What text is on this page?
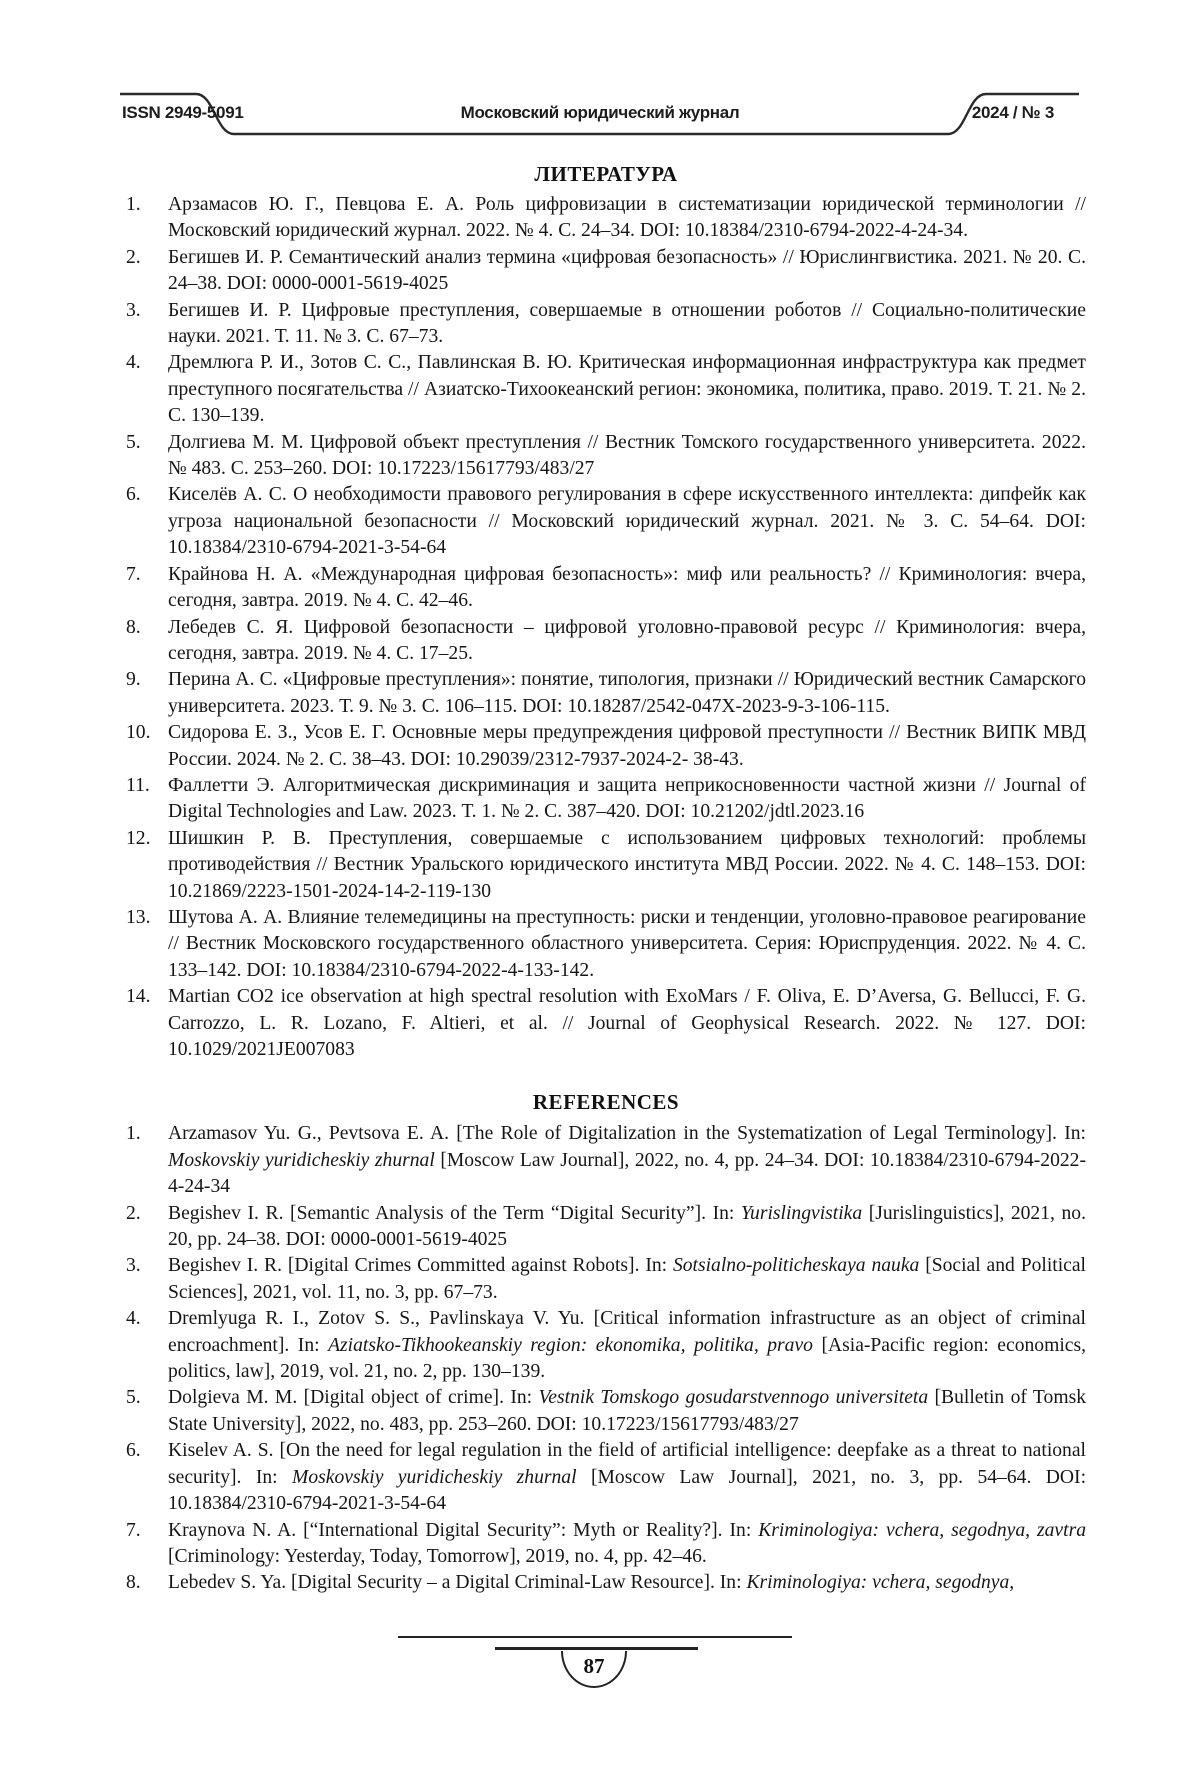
ISSN 2949-5091	Московский юридический журнал	2024 / № 3
ЛИТЕРАТУРА
1.	Арзамасов Ю. Г., Певцова Е. А. Роль цифровизации в систематизации юридической терминологии // Московский юридический журнал. 2022. № 4. С. 24–34. DOI: 10.18384/2310-6794-2022-4-24-34.
2.	Бегишев И. Р. Семантический анализ термина «цифровая безопасность» // Юрислингвистика. 2021. № 20. С. 24–38. DOI: 0000-0001-5619-4025
3.	Бегишев И. Р. Цифровые преступления, совершаемые в отношении роботов // Социально-политические науки. 2021. Т. 11. № 3. С. 67–73.
4.	Дремлюга Р. И., Зотов С. С., Павлинская В. Ю. Критическая информационная инфраструктура как предмет преступного посягательства // Азиатско-Тихоокеанский регион: экономика, политика, право. 2019. Т. 21. № 2. С. 130–139.
5.	Долгиева М. М. Цифровой объект преступления // Вестник Томского государственного университета. 2022. № 483. С. 253–260. DOI: 10.17223/15617793/483/27
6.	Киселёв А. С. О необходимости правового регулирования в сфере искусственного интеллекта: дипфейк как угроза национальной безопасности // Московский юридический журнал. 2021. № 3. С. 54–64. DOI: 10.18384/2310-6794-2021-3-54-64
7.	Крайнова Н. А. «Международная цифровая безопасность»: миф или реальность? // Криминология: вчера, сегодня, завтра. 2019. № 4. С. 42–46.
8.	Лебедев С. Я. Цифровой безопасности – цифровой уголовно-правовой ресурс // Криминология: вчера, сегодня, завтра. 2019. № 4. С. 17–25.
9.	Перина А. С. «Цифровые преступления»: понятие, типология, признаки // Юридический вестник Самарского университета. 2023. Т. 9. № 3. С. 106–115. DOI: 10.18287/2542-047X-2023-9-3-106-115.
10. Сидорова Е. З., Усов Е. Г. Основные меры предупреждения цифровой преступности // Вестник ВИПК МВД России. 2024. № 2. С. 38–43. DOI: 10.29039/2312-7937-2024-2- 38-43.
11. Фаллетти Э. Алгоритмическая дискриминация и защита неприкосновенности частной жизни // Journal of Digital Technologies and Law. 2023. Т. 1. № 2. С. 387–420. DOI: 10.21202/jdtl.2023.16
12. Шишкин Р. В. Преступления, совершаемые с использованием цифровых технологий: проблемы противодействия // Вестник Уральского юридического института МВД России. 2022. № 4. С. 148–153. DOI: 10.21869/2223-1501-2024-14-2-119-130
13. Шутова А. А. Влияние телемедицины на преступность: риски и тенденции, уголовно-правовое реагирование // Вестник Московского государственного областного университета. Серия: Юриспруденция. 2022. № 4. С. 133–142. DOI: 10.18384/2310-6794-2022-4-133-142.
14. Martian CO2 ice observation at high spectral resolution with ExoMars / F. Oliva, E. D’Aversa, G. Bellucci, F. G. Carrozzo, L. R. Lozano, F. Altieri, et al. // Journal of Geophysical Research. 2022. № 127. DOI: 10.1029/2021JE007083
REFERENCES
1.	Arzamasov Yu. G., Pevtsova E. A. [The Role of Digitalization in the Systematization of Legal Terminology]. In: Moskovskiy yuridicheskiy zhurnal [Moscow Law Journal], 2022, no. 4, pp. 24–34. DOI: 10.18384/2310-6794-2022-4-24-34
2.	Begishev I. R. [Semantic Analysis of the Term “Digital Security”]. In: Yurislingvistika [Jurislinguistics], 2021, no. 20, pp. 24–38. DOI: 0000-0001-5619-4025
3.	Begishev I. R. [Digital Crimes Committed against Robots]. In: Sotsialno-politicheskaya nauka [Social and Political Sciences], 2021, vol. 11, no. 3, pp. 67–73.
4.	Dremlyuga R. I., Zotov S. S., Pavlinskaya V. Yu. [Critical information infrastructure as an object of criminal encroachment]. In: Aziatsko-Tikhookeanskiy region: ekonomika, politika, pravo [Asia-Pacific region: economics, politics, law], 2019, vol. 21, no. 2, pp. 130–139.
5.	Dolgieva M. M. [Digital object of crime]. In: Vestnik Tomskogo gosudarstvennogo universiteta [Bulletin of Tomsk State University], 2022, no. 483, pp. 253–260. DOI: 10.17223/15617793/483/27
6.	Kiselev A. S. [On the need for legal regulation in the field of artificial intelligence: deepfake as a threat to national security]. In: Moskovskiy yuridicheskiy zhurnal [Moscow Law Journal], 2021, no. 3, pp. 54–64. DOI: 10.18384/2310-6794-2021-3-54-64
7.	Kraynova N. A. [“International Digital Security”: Myth or Reality?]. In: Kriminologiya: vchera, segodnya, zavtra [Criminology: Yesterday, Today, Tomorrow], 2019, no. 4, pp. 42–46.
8.	Lebedev S. Ya. [Digital Security – a Digital Criminal-Law Resource]. In: Kriminologiya: vchera, segodnya,
87
